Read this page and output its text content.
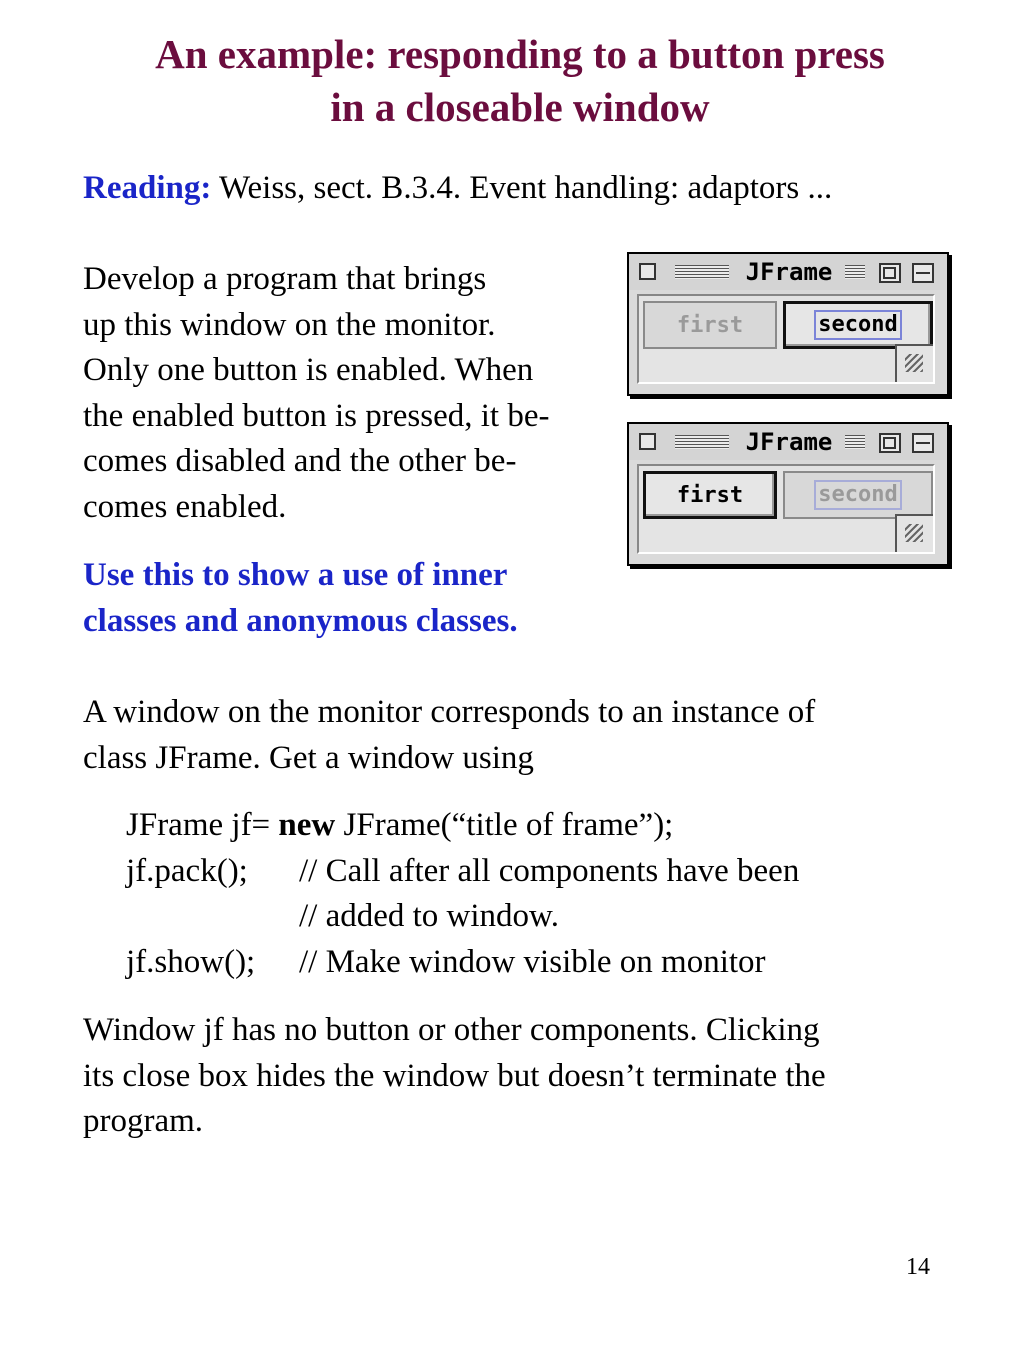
An example: responding to a button press
in a closeable window
Reading: Weiss, sect. B.3.4. Event handling: adaptors ...
Develop a program that brings
up this window on the monitor.
Only one button is enabled. When
the enabled button is pressed, it be-
comes disabled and the other be-
comes enabled.
Use this to show a use of inner
classes and anonymous classes.
A window on the monitor corresponds to an instance of
class JFrame. Get a window using
JFrame jf= new JFrame(“title of frame”);
jf.pack(); // Call after all components have been
// added to window.
jf.show(); // Make window visible on monitor
Window jf has no button or other components. Clicking
its close box hides the window but doesn’t terminate the
program.
JFrame
first	second
JFrame
first	second
14
